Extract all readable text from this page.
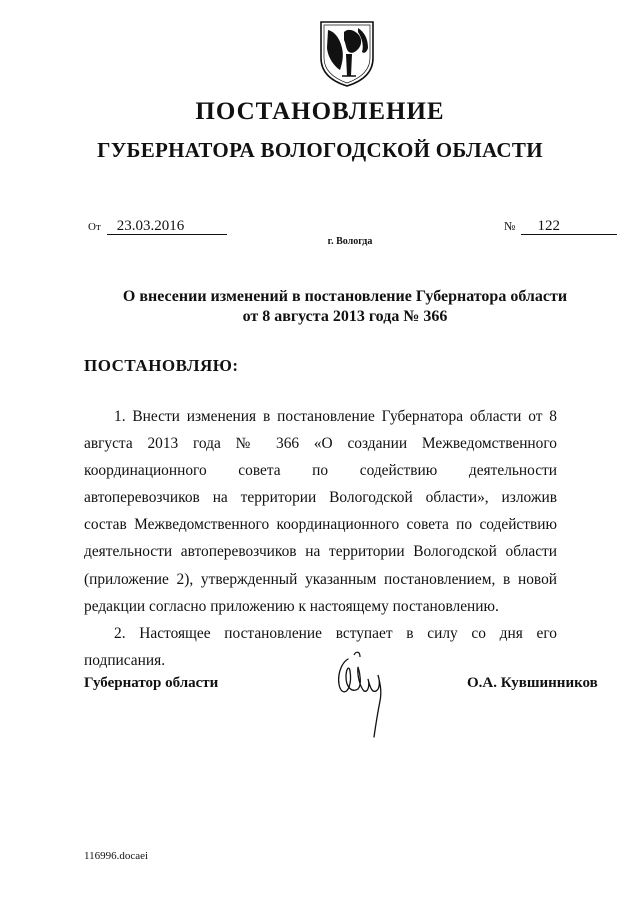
ПОСТАНОВЛЕНИЕ
ГУБЕРНАТОРА ВОЛОГОДСКОЙ ОБЛАСТИ
От 23.03.2016	№ 122
г. Вологда
О внесении изменений в постановление Губернатора области
от 8 августа 2013 года № 366
ПОСТАНОВЛЯЮ:

1. Внести изменения в постановление Губернатора области от 8 августа 2013 года № 366 «О создании Межведомственного координационного совета по содействию деятельности автоперевозчиков на территории Вологодской области», изложив состав Межведомственного координационного совета по содействию деятельности автоперевозчиков на территории Вологодской области (приложение 2), утвержденный указанным постановлением, в новой редакции согласно приложению к настоящему постановлению.

2. Настоящее постановление вступает в силу со дня его подписания.

Губернатор области	О.А. Кувшинников
116996.docaei
